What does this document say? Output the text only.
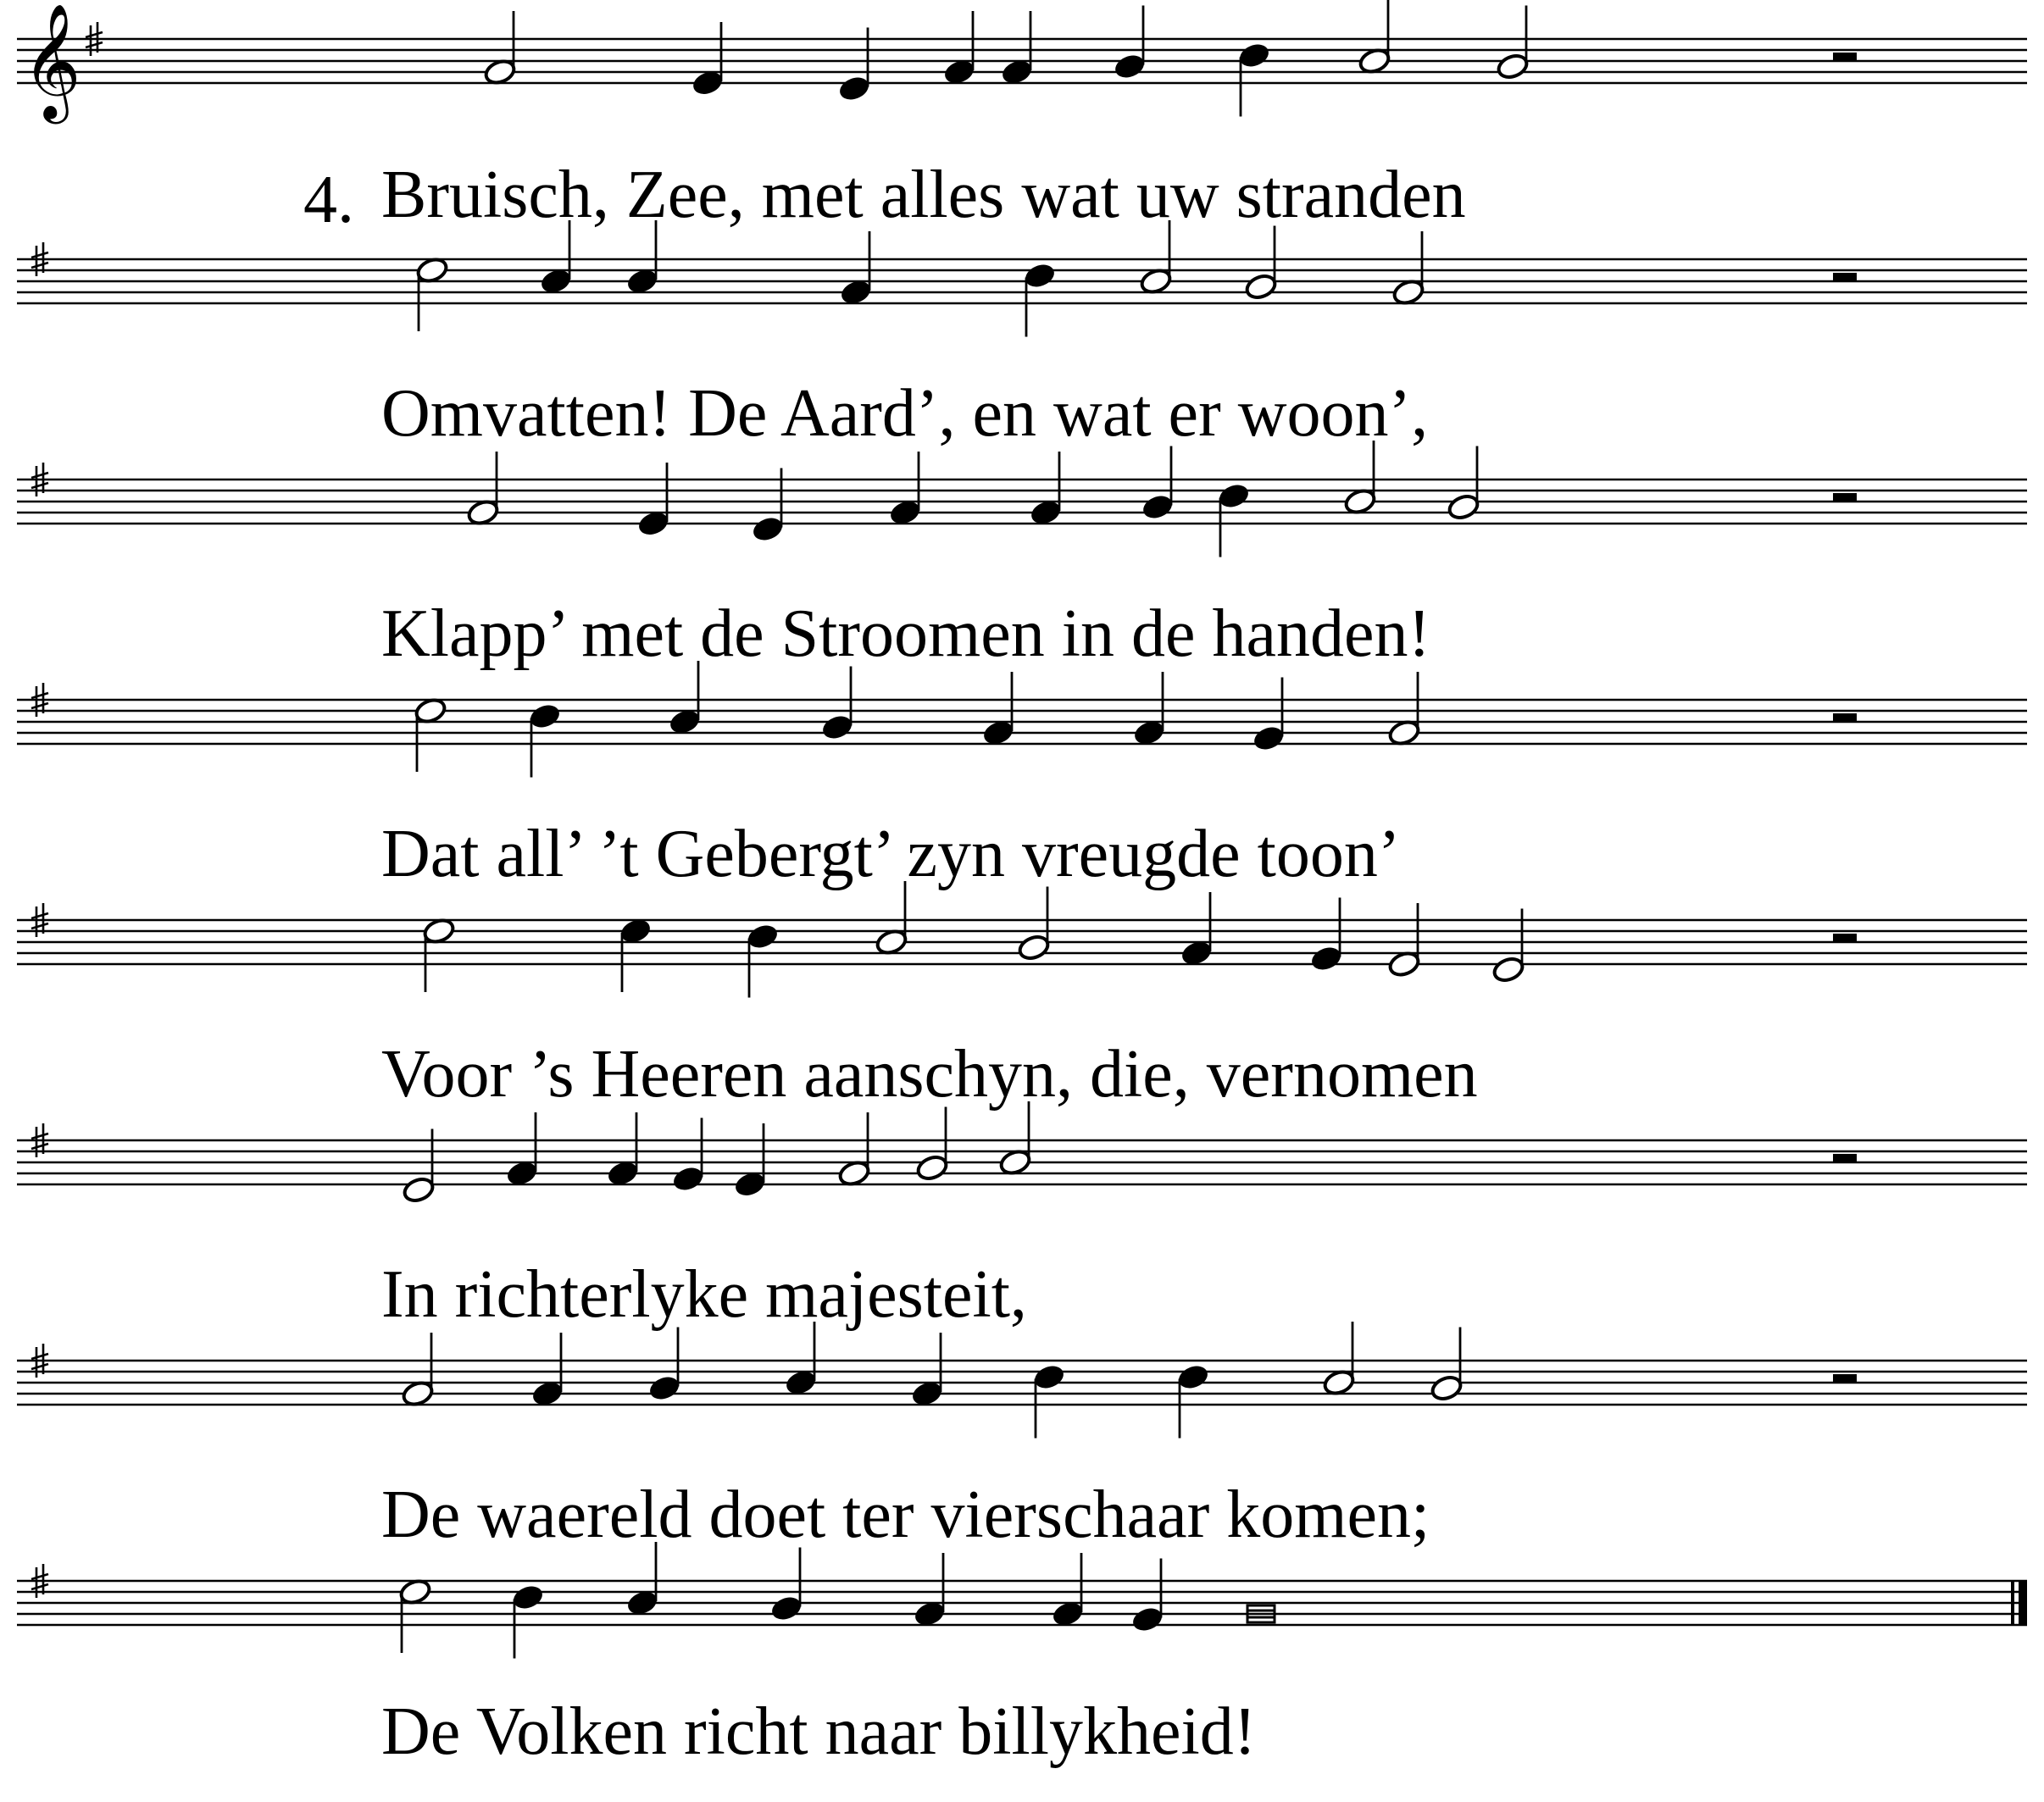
𝄞
4. Bruisch, Zee, met alles wat uw stranden
Omvatten! De Aard’, en wat er woon’,
Klapp’ met de Stroomen in de handen!
Dat all’ ’t Gebergt’ zyn vreugde toon’
Voor ’s Heeren aanschyn, die, vernomen
In richterlyke majesteit,
De waereld doet ter vierschaar komen;
De Volken richt naar billykheid!
